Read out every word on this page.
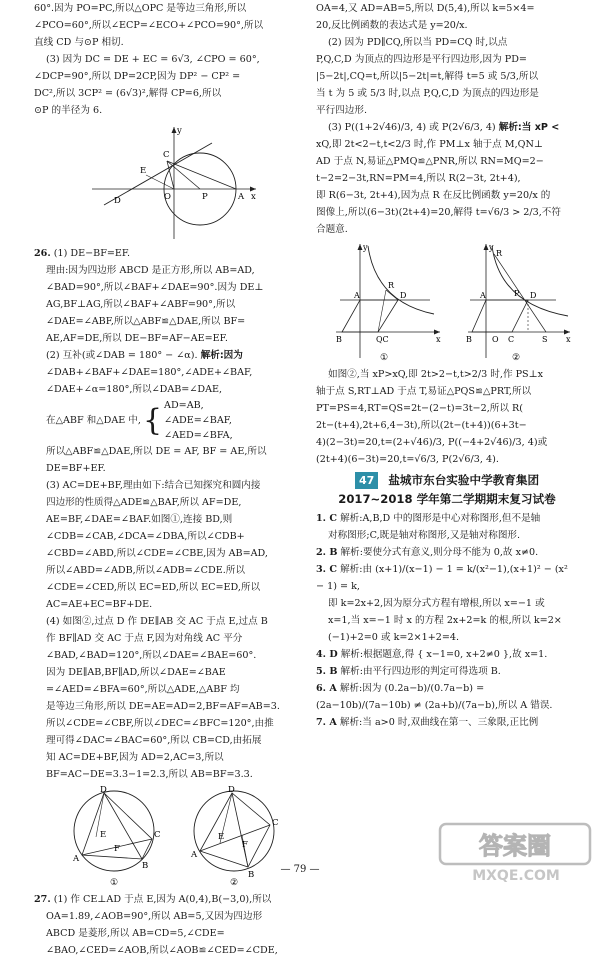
60°.因为 PO=PC,所以△OPC 是等边三角形,所以

∠PCO=60°,所以∠ECP=∠ECO+∠PCO=90°,所以

直线 CD 与⊙P 相切.

(3) 因为 DC = DE + EC = 6√3, ∠CPO = 60°,

∠DCP=90°,所以 DP=2CP,因为 DP² − CP² =

DC²,所以 3CP² = (6√3)²,解得 CP=6,所以

⊙P 的半径为 6.

C
E
D	O	P	A x
y

26. (1) DE−BF=EF.

理由:因为四边形 ABCD 是正方形,所以 AB=AD,

∠BAD=90°,所以∠BAF+∠DAE=90°.因为 DE⊥

AG,BF⊥AG,所以∠BAF+∠ABF=90°,所以

∠DAE=∠ABF,所以△ABF≌△DAE,所以 BF=

AE,AF=DE,所以 DE−BF=AF−AE=EF.

(2) 互补(或∠DAB = 180° − ∠α). 解析:因为

∠DAB+∠BAF+∠DAE=180°,∠ADE+∠BAF,

∠DAE+∠α=180°,所以∠DAB=∠DAE,

在△ABF 和△DAE 中, { AD=AB,
∠ADE=∠BAF,
∠AED=∠BFA,

所以△ABF≌△DAE,所以 DE = AF, BF = AE,所以

DE=BF+EF.

(3) AC=DE+BF,理由如下:结合已知探究和圆内接

四边形的性质得△ADE≌△BAF,所以 AF=DE,

AE=BF,∠DAE=∠BAF.如图①,连接 BD,则

∠CDB=∠CAB,∠DCA=∠DBA,所以∠CDB+

∠CBD=∠ABD,所以∠CDE=∠CBE,因为 AB=AD,

所以∠ABD=∠ADB,所以∠ADB=∠CDE.所以

∠CDE=∠CED,所以 EC=ED,所以 EC=ED,所以

AC=AE+EC=BF+DE.

(4) 如图②,过点 D 作 DE∥AB 交 AC 于点 E,过点 B

作 BF∥AD 交 AC 于点 F,因为对角线 AC 平分

∠BAD,∠BAD=120°,所以∠DAE=∠BAE=60°.

因为 DE∥AB,BF∥AD,所以∠DAE=∠BAE

=∠AED=∠BFA=60°,所以△ADE,△ABF 均

是等边三角形,所以 DE=AE=AD=2,BF=AF=AB=3.

所以∠CDE=∠CBF,所以∠DEC=∠BFC=120°,由推

理可得∠DAC=∠BAC=60°,所以 CB=CD,由拓展

知 AC=DE+BF,因为 AD=2,AC=3,所以

BF=AC−DE=3.3−1=2.3,所以 AB=BF=3.3.

D
A
B
C
E
F
①
D
A
B
C
E
F
②

27. (1) 作 CE⊥AD 于点 E,因为 A(0,4),B(−3,0),所以

OA=1.89,∠AOB=90°,所以 AB=5,又因为四边形

ABCD 是菱形,所以 AB=CD=5,∠CDE=

∠BAO,∠CED=∠AOB,所以∠AOB≌∠CED=∠CDE,

OA=4,又 AD=AB=5,所以 D(5,4),所以 k=5×4=

20,反比例函数的表达式是 y=20/x.

(2) 因为 PD∥CQ,所以当 PD=CQ 时,以点

P,Q,C,D 为顶点的四边形是平行四边形,因为 PD=

|5−2t|,CQ=t,所以|5−2t|=t,解得 t=5 或 5/3,所以

当 t 为 5 或 5/3 时,以点 P,Q,C,D 为顶点的四边形是

平行四边形.

(3) P((1+2√46)/3, 4) 或 P(2√6/3, 4) 解析:当 xP <

xQ,即 2t<2−t,t<2/3 时,作 PM⊥x 轴于点 M,QN⊥

AD 于点 N,易证△PMQ≌△PNR,所以 RN=MQ=2−

t−2=2−3t,RN=PM=4,所以 R(2−3t, 2t+4),

即 R(6−3t, 2t+4),因为点 R 在反比例函数 y=20/x 的

图像上,所以(6−3t)(2t+4)=20,解得 t=√6/3 > 2/3,不符

合题意.

A	D
R
B	QC	x
y
①
A	D
R
P
B	O C	S x
y
②

如图②,当 xP>xQ,即 2t>2−t,t>2/3 时,作 PS⊥x

轴于点 S,RT⊥AD 于点 T,易证△PQS≌△PRT,所以

PT=PS=4,RT=QS=2t−(2−t)=3t−2,所以 R(

2t−(t+4),2t+6,4−3t),所以(2t−(t+4))(6+3t−

4)(2−3t)=20,t=(2+√46)/3, P((−4+2√46)/3, 4)或

(2t+4)(6−3t)=20,t=√6/3, P(2√6/3, 4).

47 盐城市东台实验中学教育集团
2017~2018 学年第二学期期末复习试卷

1. C 解析:A,B,D 中的图形是中心对称图形,但不是轴

对称图形;C,既是轴对称图形,又是轴对称图形.

2. B 解析:要使分式有意义,则分母不能为 0,故 x≠0.

3. C 解析:由 (x+1)/(x−1) − 1 = k/(x²−1),(x+1)² − (x² − 1) = k,

即 k=2x+2,因为原分式方程有增根,所以 x=−1 或

x=1,当 x=−1 时 x 的方程 2x+2=k 的根,所以 k=2×

(−1)+2=0 或 k=2×1+2=4.

4. D 解析:根据题意,得 { x−1=0, x+2≠0 },故 x=1.

5. B 解析:由平行四边形的判定可得选项 B.

6. A 解析:因为 (0.2a−b)/(0.7a−b) = (2a−10b)/(7a−10b) ≠ (2a+b)/(7a−b),所以 A 错误.

7. A 解析:当 a>0 时,双曲线在第一、三象限,正比例

— 79 —
答案圈
MXQE.COM
